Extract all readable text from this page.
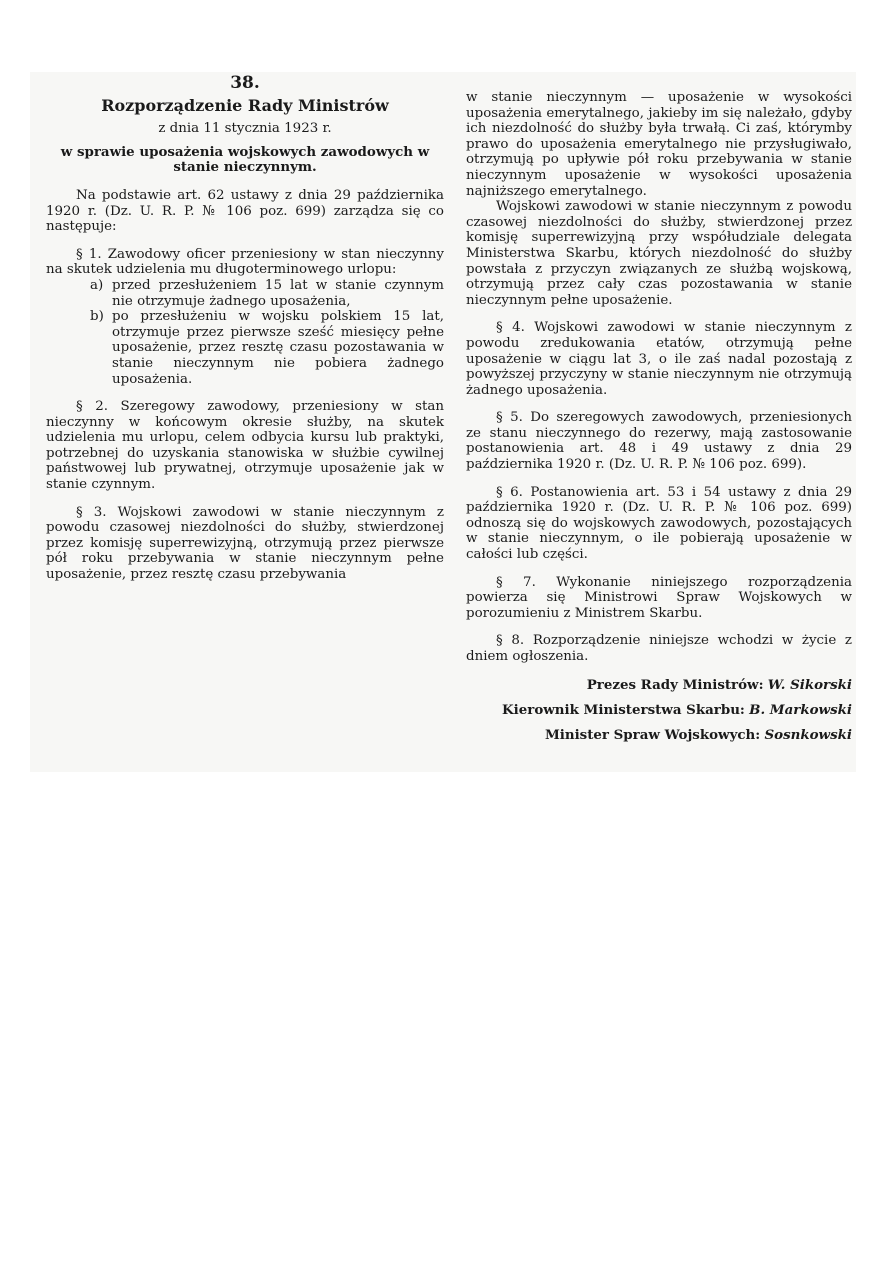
38.

Rozporządzenie Rady Ministrów

z dnia 11 stycznia 1923 r.

w sprawie uposażenia wojskowych zawodowych w stanie nieczynnym.

Na podstawie art. 62 ustawy z dnia 29 października 1920 r. (Dz. U. R. P. № 106 poz. 699) zarządza się co następuje:

§ 1. Zawodowy oficer przeniesiony w stan nieczynny na skutek udzielenia mu długoterminowego urlopu:

a) przed przesłużeniem 15 lat w stanie czynnym nie otrzymuje żadnego uposażenia,
b) po przesłużeniu w wojsku polskiem 15 lat, otrzymuje przez pierwsze sześć miesięcy pełne uposażenie, przez resztę czasu pozostawania w stanie nieczynnym nie pobiera żadnego uposażenia.

§ 2. Szeregowy zawodowy, przeniesiony w stan nieczynny w końcowym okresie służby, na skutek udzielenia mu urlopu, celem odbycia kursu lub praktyki, potrzebnej do uzyskania stanowiska w służbie cywilnej państwowej lub prywatnej, otrzymuje uposażenie jak w stanie czynnym.

§ 3. Wojskowi zawodowi w stanie nieczynnym z powodu czasowej niezdolności do służby, stwierdzonej przez komisję superrewizyjną, otrzymują przez pierwsze pół roku przebywania w stanie nieczynnym pełne uposażenie, przez resztę czasu przebywania

w stanie nieczynnym — uposażenie w wysokości uposażenia emerytalnego, jakieby im się należało, gdyby ich niezdolność do służby była trwałą. Ci zaś, którymby prawo do uposażenia emerytalnego nie przysługiwało, otrzymują po upływie pół roku przebywania w stanie nieczynnym uposażenie w wysokości uposażenia najniższego emerytalnego.

Wojskowi zawodowi w stanie nieczynnym z powodu czasowej niezdolności do służby, stwierdzonej przez komisję superrewizyjną przy współudziale delegata Ministerstwa Skarbu, których niezdolność do służby powstała z przyczyn związanych ze służbą wojskową, otrzymują przez cały czas pozostawania w stanie nieczynnym pełne uposażenie.

§ 4. Wojskowi zawodowi w stanie nieczynnym z powodu zredukowania etatów, otrzymują pełne uposażenie w ciągu lat 3, o ile zaś nadal pozostają z powyższej przyczyny w stanie nieczynnym nie otrzymują żadnego uposażenia.

§ 5. Do szeregowych zawodowych, przeniesionych ze stanu nieczynnego do rezerwy, mają zastosowanie postanowienia art. 48 i 49 ustawy z dnia 29 października 1920 r. (Dz. U. R. P. № 106 poz. 699).

§ 6. Postanowienia art. 53 i 54 ustawy z dnia 29 października 1920 r. (Dz. U. R. P. № 106 poz. 699) odnoszą się do wojskowych zawodowych, pozostających w stanie nieczynnym, o ile pobierają uposażenie w całości lub części.

§ 7. Wykonanie niniejszego rozporządzenia powierza się Ministrowi Spraw Wojskowych w porozumieniu z Ministrem Skarbu.

§ 8. Rozporządzenie niniejsze wchodzi w życie z dniem ogłoszenia.

Prezes Rady Ministrów: W. Sikorski
Kierownik Ministerstwa Skarbu: B. Markowski
Minister Spraw Wojskowych: Sosnkowski
